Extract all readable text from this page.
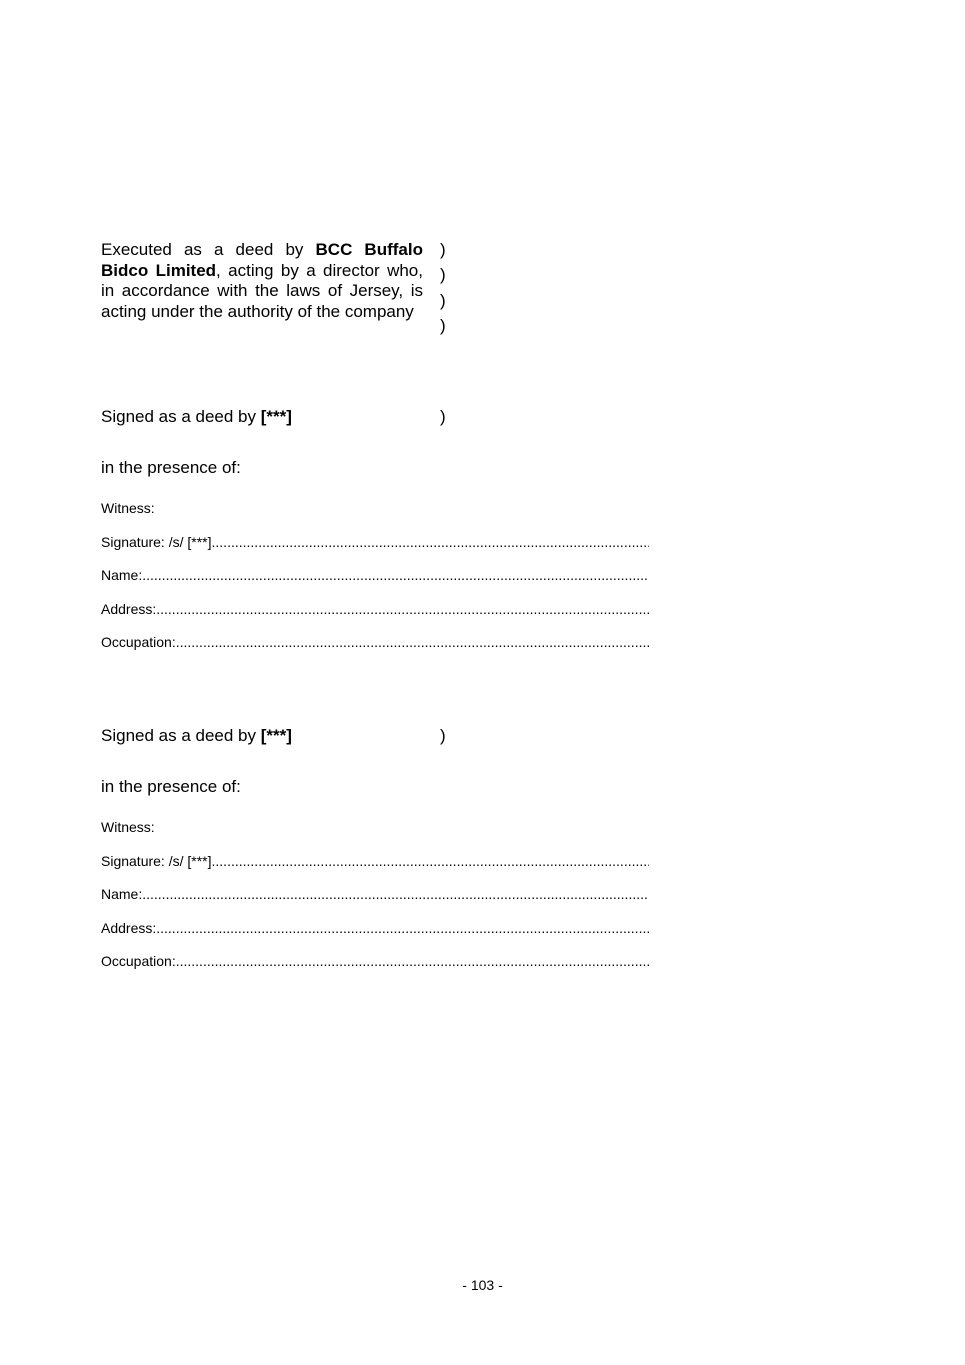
Executed as a deed by BCC Buffalo Bidco Limited, acting by a director who, in accordance with the laws of Jersey, is acting under the authority of the company
)
)
)
)
Signed as a deed by [***]	)
in the presence of:
Witness:
Signature: /s/ [***]
.....
Name:
.....
Address:
.....
Occupation:
.....
Signed as a deed by [***]	)
in the presence of:
Witness:
Signature: /s/ [***]
.....
Name:
.....
Address:
.....
Occupation:
.....
- 103 -
